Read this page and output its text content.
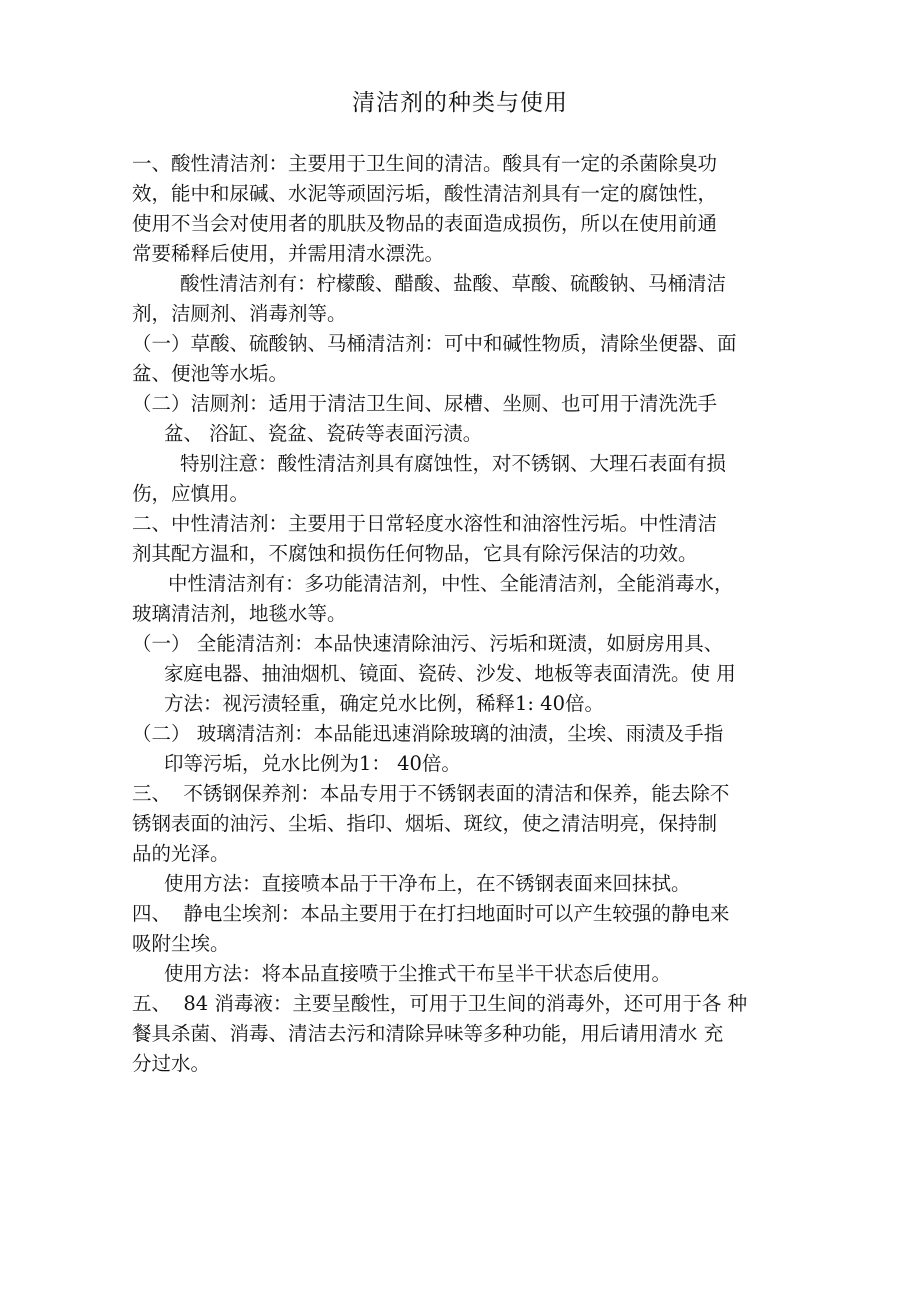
清洁剂的种类与使用
一、酸性清洁剂：主要用于卫生间的清洁。酸具有一定的杀菌除臭功
效，能中和尿碱、水泥等顽固污垢，酸性清洁剂具有一定的腐蚀性，
使用不当会对使用者的肌肤及物品的表面造成损伤，所以在使用前通
常要稀释后使用，并需用清水漂洗。
酸性清洁剂有：柠檬酸、醋酸、盐酸、草酸、硫酸钠、马桶清洁
剂，洁厕剂、消毒剂等。
（一）草酸、硫酸钠、马桶清洁剂：可中和碱性物质，清除坐便器、面
盆、便池等水垢。
（二）洁厕剂：适用于清洁卫生间、尿槽、坐厕、也可用于清洗洗手
盆、 浴缸、瓷盆、瓷砖等表面污渍。
特别注意：酸性清洁剂具有腐蚀性，对不锈钢、大理石表面有损
伤，应慎用。
二、中性清洁剂：主要用于日常轻度水溶性和油溶性污垢。中性清洁
剂其配方温和，不腐蚀和损伤任何物品，它具有除污保洁的功效。
中性清洁剂有：多功能清洁剂，中性、全能清洁剂，全能消毒水，
玻璃清洁剂，地毯水等。
（一） 全能清洁剂：本品快速清除油污、污垢和斑渍，如厨房用具、
家庭电器、抽油烟机、镜面、瓷砖、沙发、地板等表面清洗。使 用
方法：视污渍轻重，确定兑水比例，稀释1: 40倍。
（二） 玻璃清洁剂：本品能迅速消除玻璃的油渍，尘埃、雨渍及手指
印等污垢，兑水比例为1： 40倍。
三、  不锈钢保养剂：本品专用于不锈钢表面的清洁和保养，能去除不
锈钢表面的油污、尘垢、指印、烟垢、斑纹，使之清洁明亮，保持制
品的光泽。
使用方法：直接喷本品于干净布上，在不锈钢表面来回抹拭。
四、  静电尘埃剂：本品主要用于在打扫地面时可以产生较强的静电来
吸附尘埃。
使用方法：将本品直接喷于尘推式干布呈半干状态后使用。
五、  84 消毒液：主要呈酸性，可用于卫生间的消毒外，还可用于各 种
餐具杀菌、消毒、清洁去污和清除异味等多种功能，用后请用清水 充
分过水。
